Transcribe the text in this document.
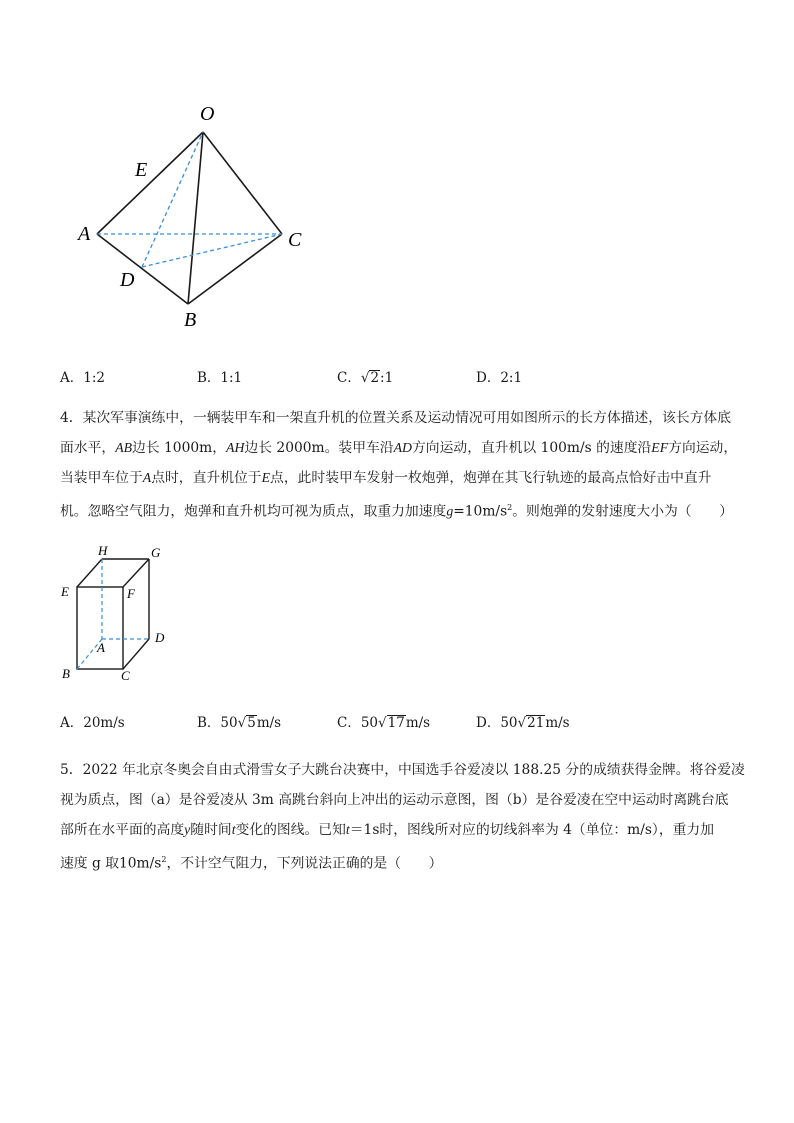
O
E
A	C
D
B
A．1:2	B．1:1	C．√2:1	D．2:1
4．某次军事演练中，一辆装甲车和一架直升机的位置关系及运动情况可用如图所示的长方体描述，该长方体底
面水平，AB边长 1000m，AH边长 2000m。装甲车沿AD方向运动，直升机以 100m/s 的速度沿EF方向运动，
当装甲车位于A点时，直升机位于E点，此时装甲车发射一枚炮弹，炮弹在其飞行轨迹的最高点恰好击中直升
机。忽略空气阻力，炮弹和直升机均可视为质点，取重力加速度$g=10m/s^2$。则炮弹的发射速度大小为（　　）
H	G
E	F
A
D
B	C
A．20m/s	B．50√5m/s	C．50√17m/s	D．50√21m/s
5．2022 年北京冬奥会自由式滑雪女子大跳台决赛中，中国选手谷爱凌以 188.25 分的成绩获得金牌。将谷爱凌
视为质点，图（a）是谷爱凌从 3m 高跳台斜向上冲出的运动示意图，图（b）是谷爱凌在空中运动时离跳台底
部所在水平面的高度y随时间t变化的图线。已知t＝1s时，图线所对应的切线斜率为 4（单位：m/s），重力加
速度 g 取$10m/s^2$，不计空气阻力，下列说法正确的是（　　）
